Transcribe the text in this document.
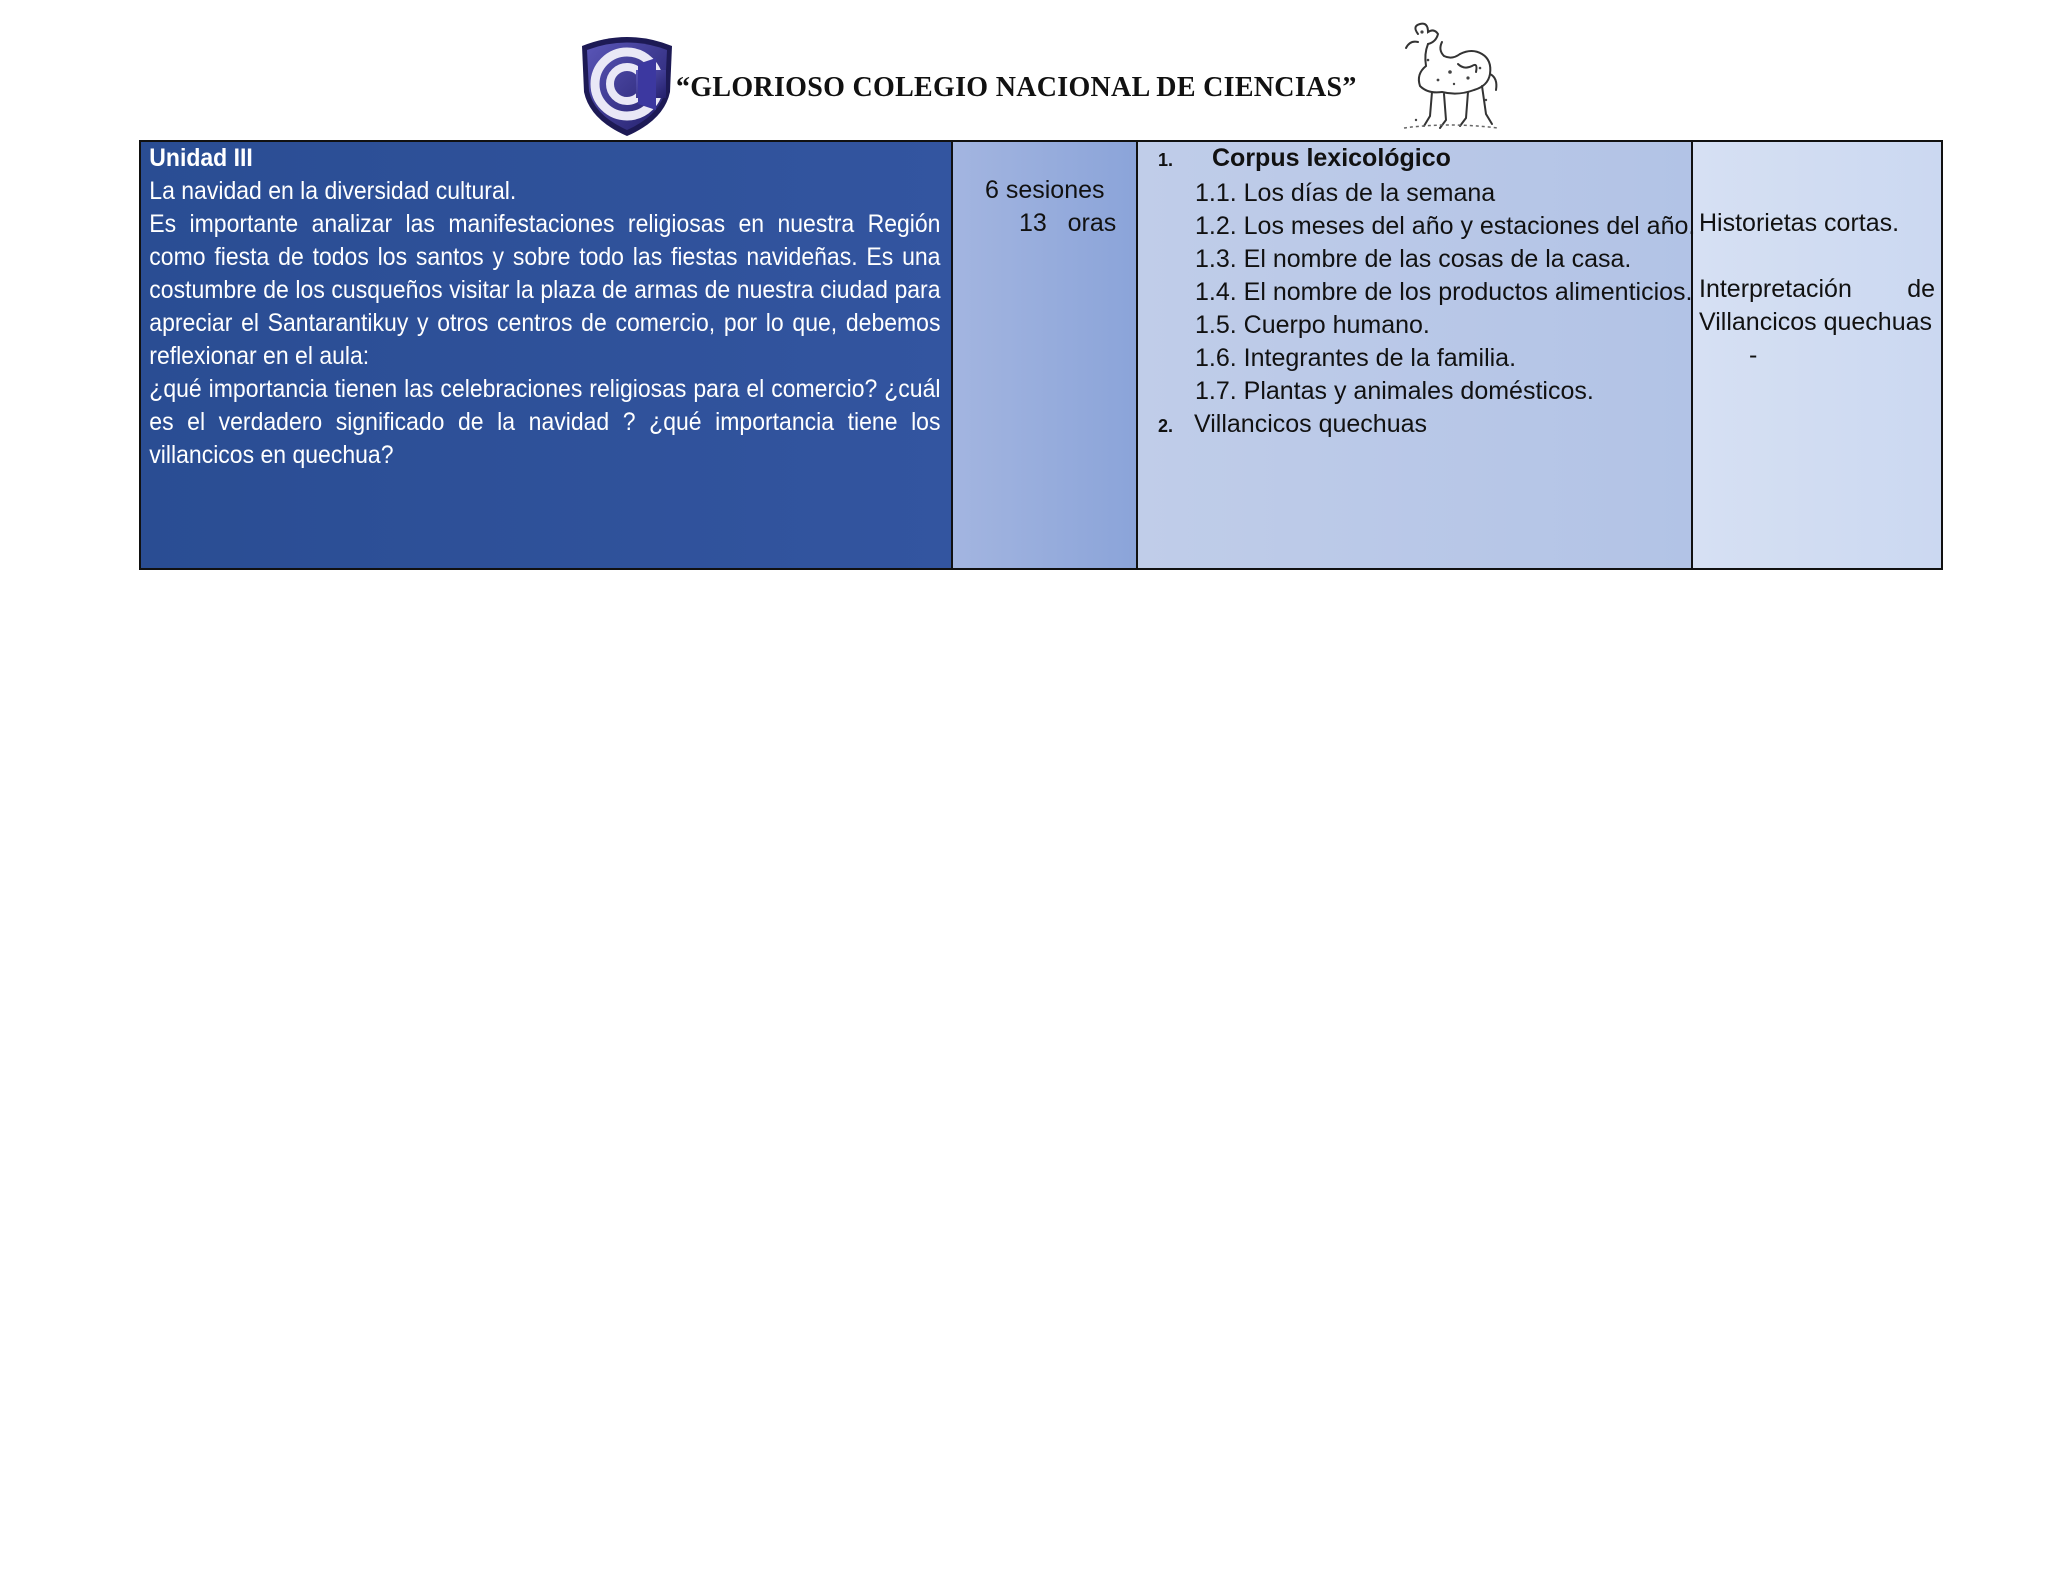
“GLORIOSO COLEGIO NACIONAL DE CIENCIAS”
Unidad III
La navidad en la diversidad cultural.
Es importante analizar las manifestaciones religiosas en nuestra Región como fiesta de todos los santos y sobre todo las fiestas navideñas. Es una costumbre de los cusqueños visitar la plaza de armas de nuestra ciudad para apreciar el Santarantikuy y otros centros de comercio, por lo que, debemos reflexionar en el aula:
¿qué importancia tienen las celebraciones religiosas para el comercio? ¿cuál es el verdadero significado de la navidad ? ¿qué importancia tiene los villancicos en quechua?

6 sesiones
13   oras

1.	Corpus lexicológico
1.1. Los días de la semana
1.2. Los meses del año y estaciones del año.
1.3. El nombre de las cosas de la casa.
1.4. El nombre de los productos alimenticios.
1.5. Cuerpo humano.
1.6. Integrantes de la familia.
1.7. Plantas y animales domésticos.
2. Villancicos quechuas

Historietas cortas.
Interpretación de
Villancicos quechuas
-
